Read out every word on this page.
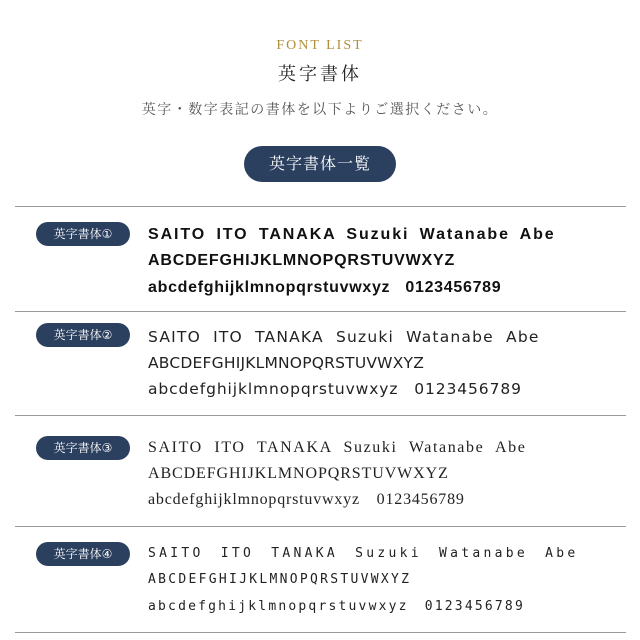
FONT LIST
英字書体
英字・数字表記の書体を以下よりご選択ください。
英字書体一覧
英字書体①	SAITO ITO TANAKA Suzuki Watanabe Abe
ABCDEFGHIJKLMNOPQRSTUVWXYZ
abcdefghijklmnopqrstuvwxyz 0123456789
英字書体②	SAITO ITO TANAKA Suzuki Watanabe Abe
ABCDEFGHIJKLMNOPQRSTUVWXYZ
abcdefghijklmnopqrstuvwxyz 0123456789
英字書体③	SAITO ITO TANAKA Suzuki Watanabe Abe
ABCDEFGHIJKLMNOPQRSTUVWXYZ
abcdefghijklmnopqrstuvwxyz 0123456789
英字書体④	SAITO ITO TANAKA Suzuki Watanabe Abe
ABCDEFGHIJKLMNOPQRSTUVWXYZ
abcdefghijklmnopqrstuvwxyz 0123456789
